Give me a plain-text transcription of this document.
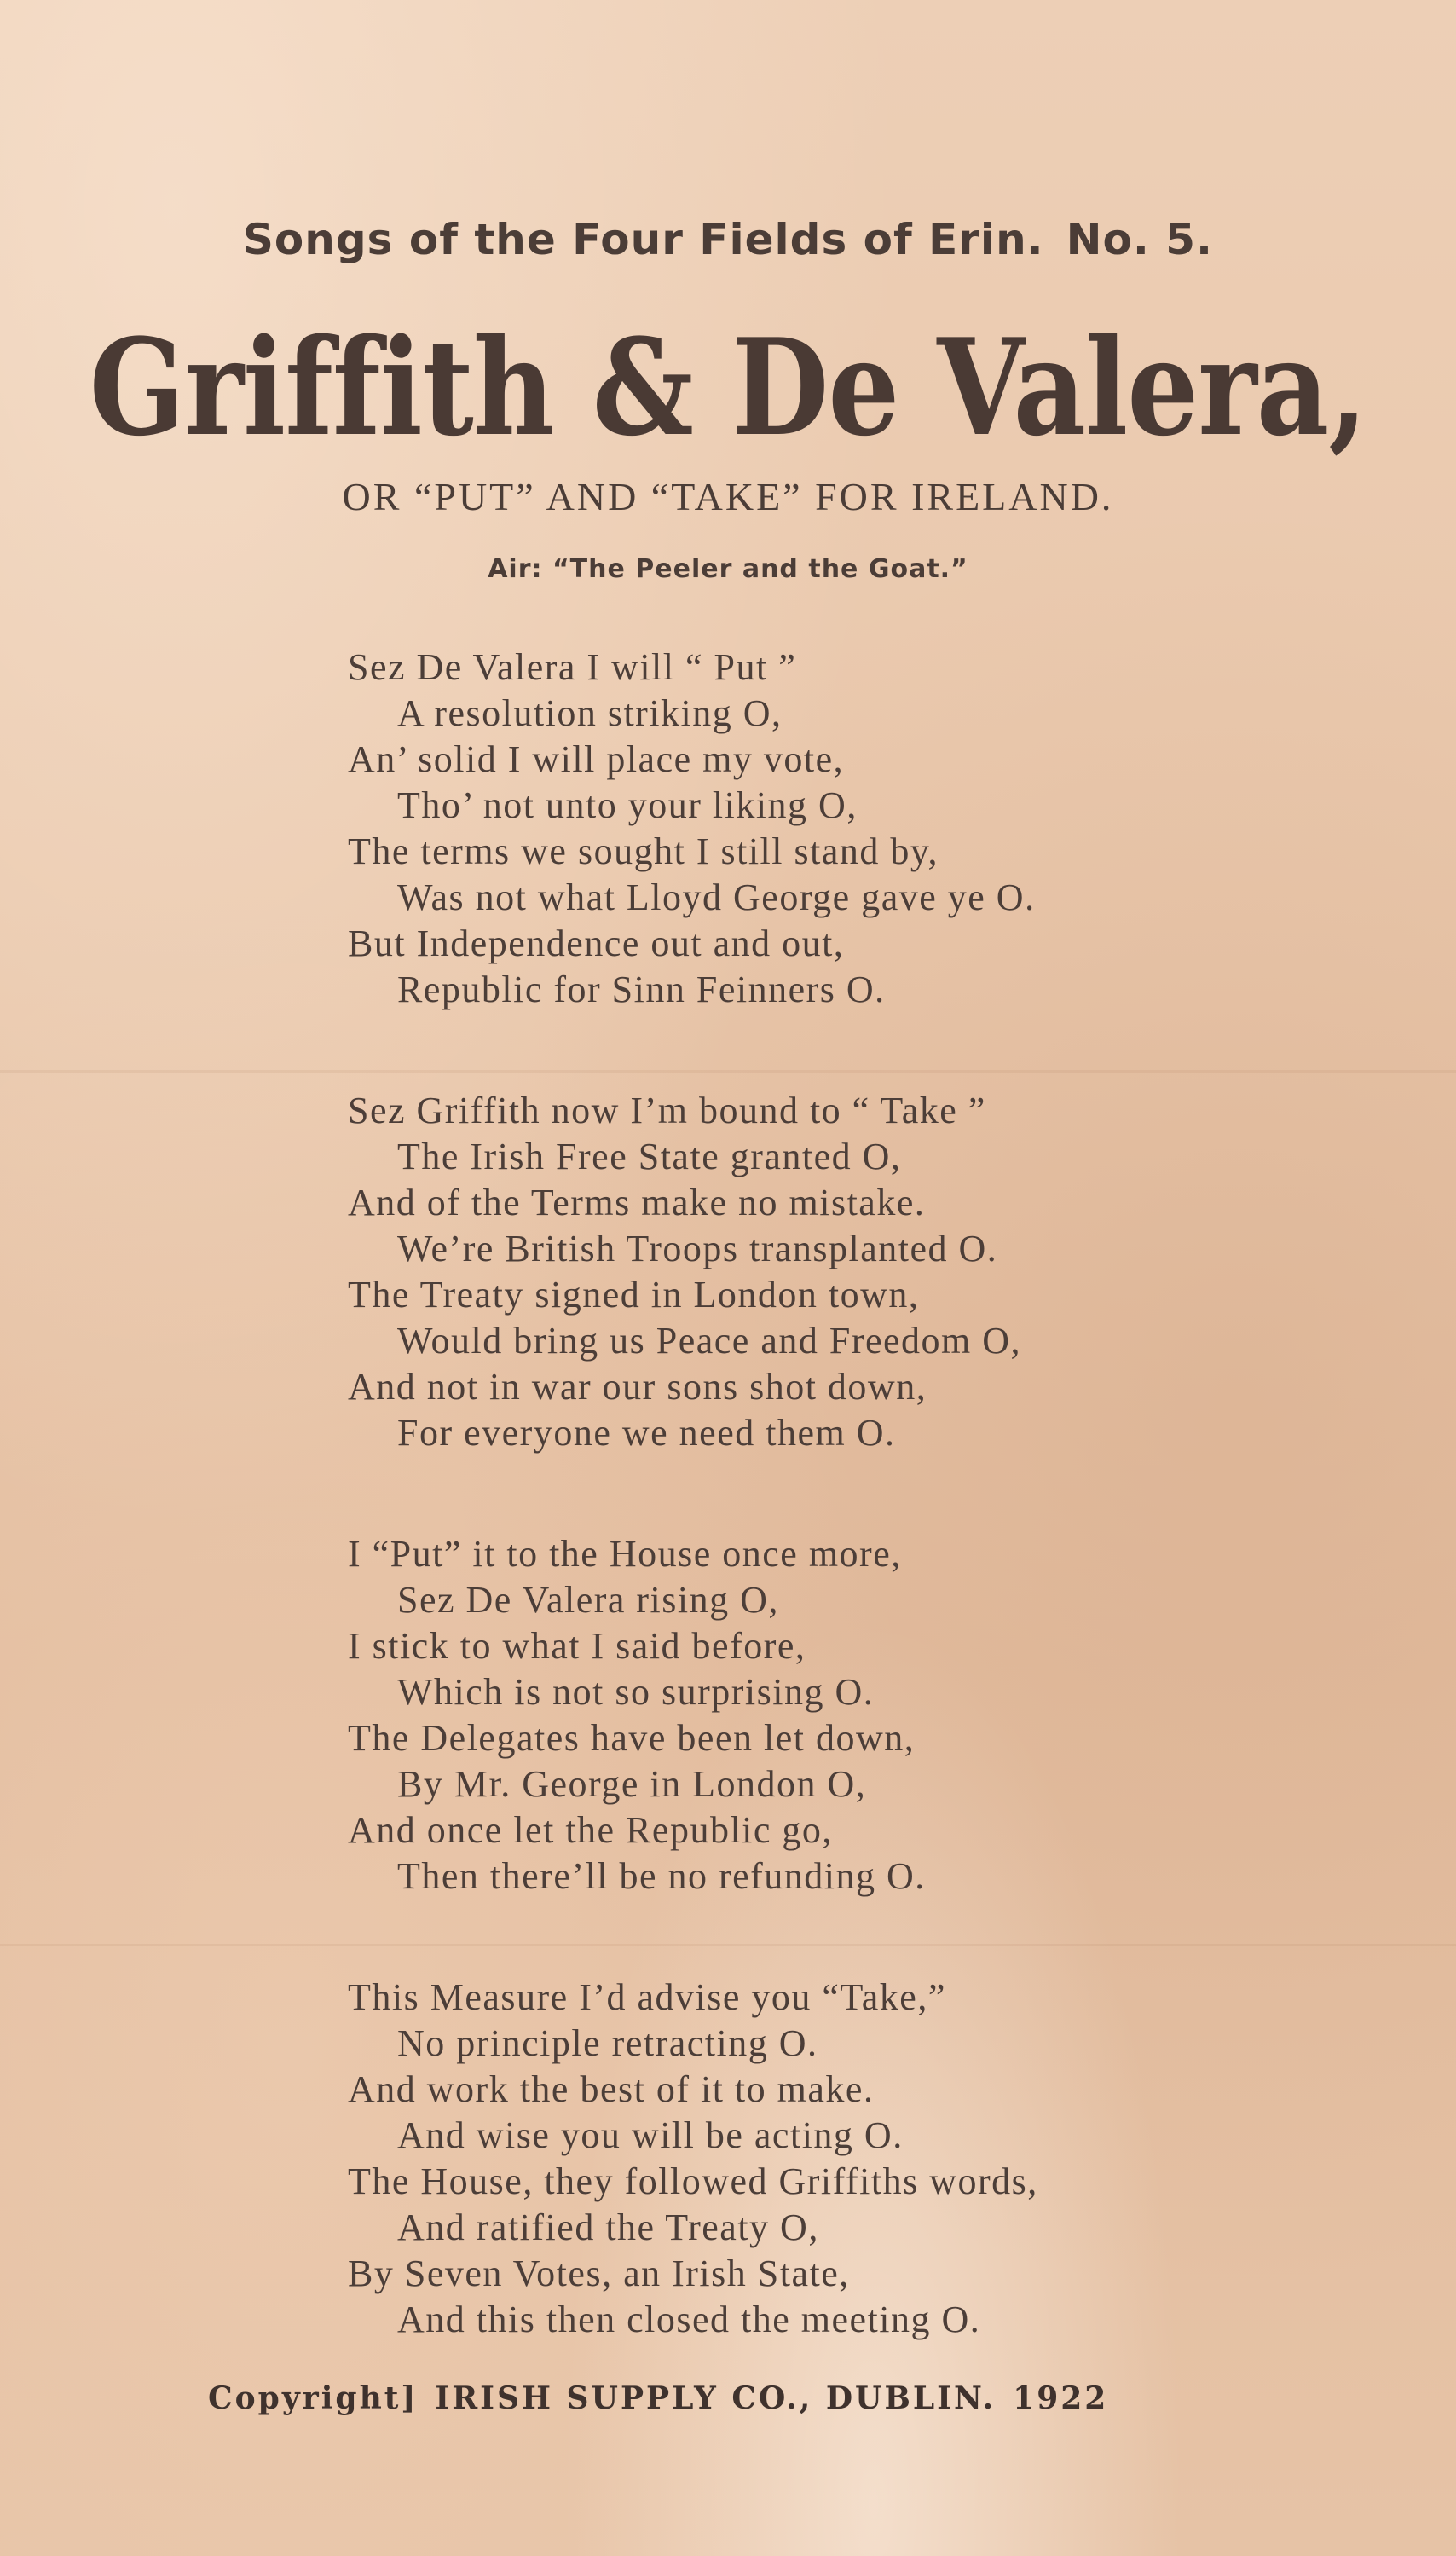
Songs of the Four Fields of Erin. No. 5.
Griffith & De Valera,
OR “PUT” AND “TAKE” FOR IRELAND.
Air: “The Peeler and the Goat.”
Sez De Valera I will “ Put ”
A resolution striking O,
An’ solid I will place my vote,
Tho’ not unto your liking O,
The terms we sought I still stand by,
Was not what Lloyd George gave ye O.
But Independence out and out,
Republic for Sinn Feinners O.
Sez Griffith now I’m bound to “ Take ”
The Irish Free State granted O,
And of the Terms make no mistake.
We’re British Troops transplanted O.
The Treaty signed in London town,
Would bring us Peace and Freedom O,
And not in war our sons shot down,
For everyone we need them O.
I “Put” it to the House once more,
Sez De Valera rising O,
I stick to what I said before,
Which is not so surprising O.
The Delegates have been let down,
By Mr. George in London O,
And once let the Republic go,
Then there’ll be no refunding O.
This Measure I’d advise you “Take,”
No principle retracting O.
And work the best of it to make.
And wise you will be acting O.
The House, they followed Griffiths words,
And ratified the Treaty O,
By Seven Votes, an Irish State,
And this then closed the meeting O.
Copyright] IRISH SUPPLY CO., DUBLIN. 1922
